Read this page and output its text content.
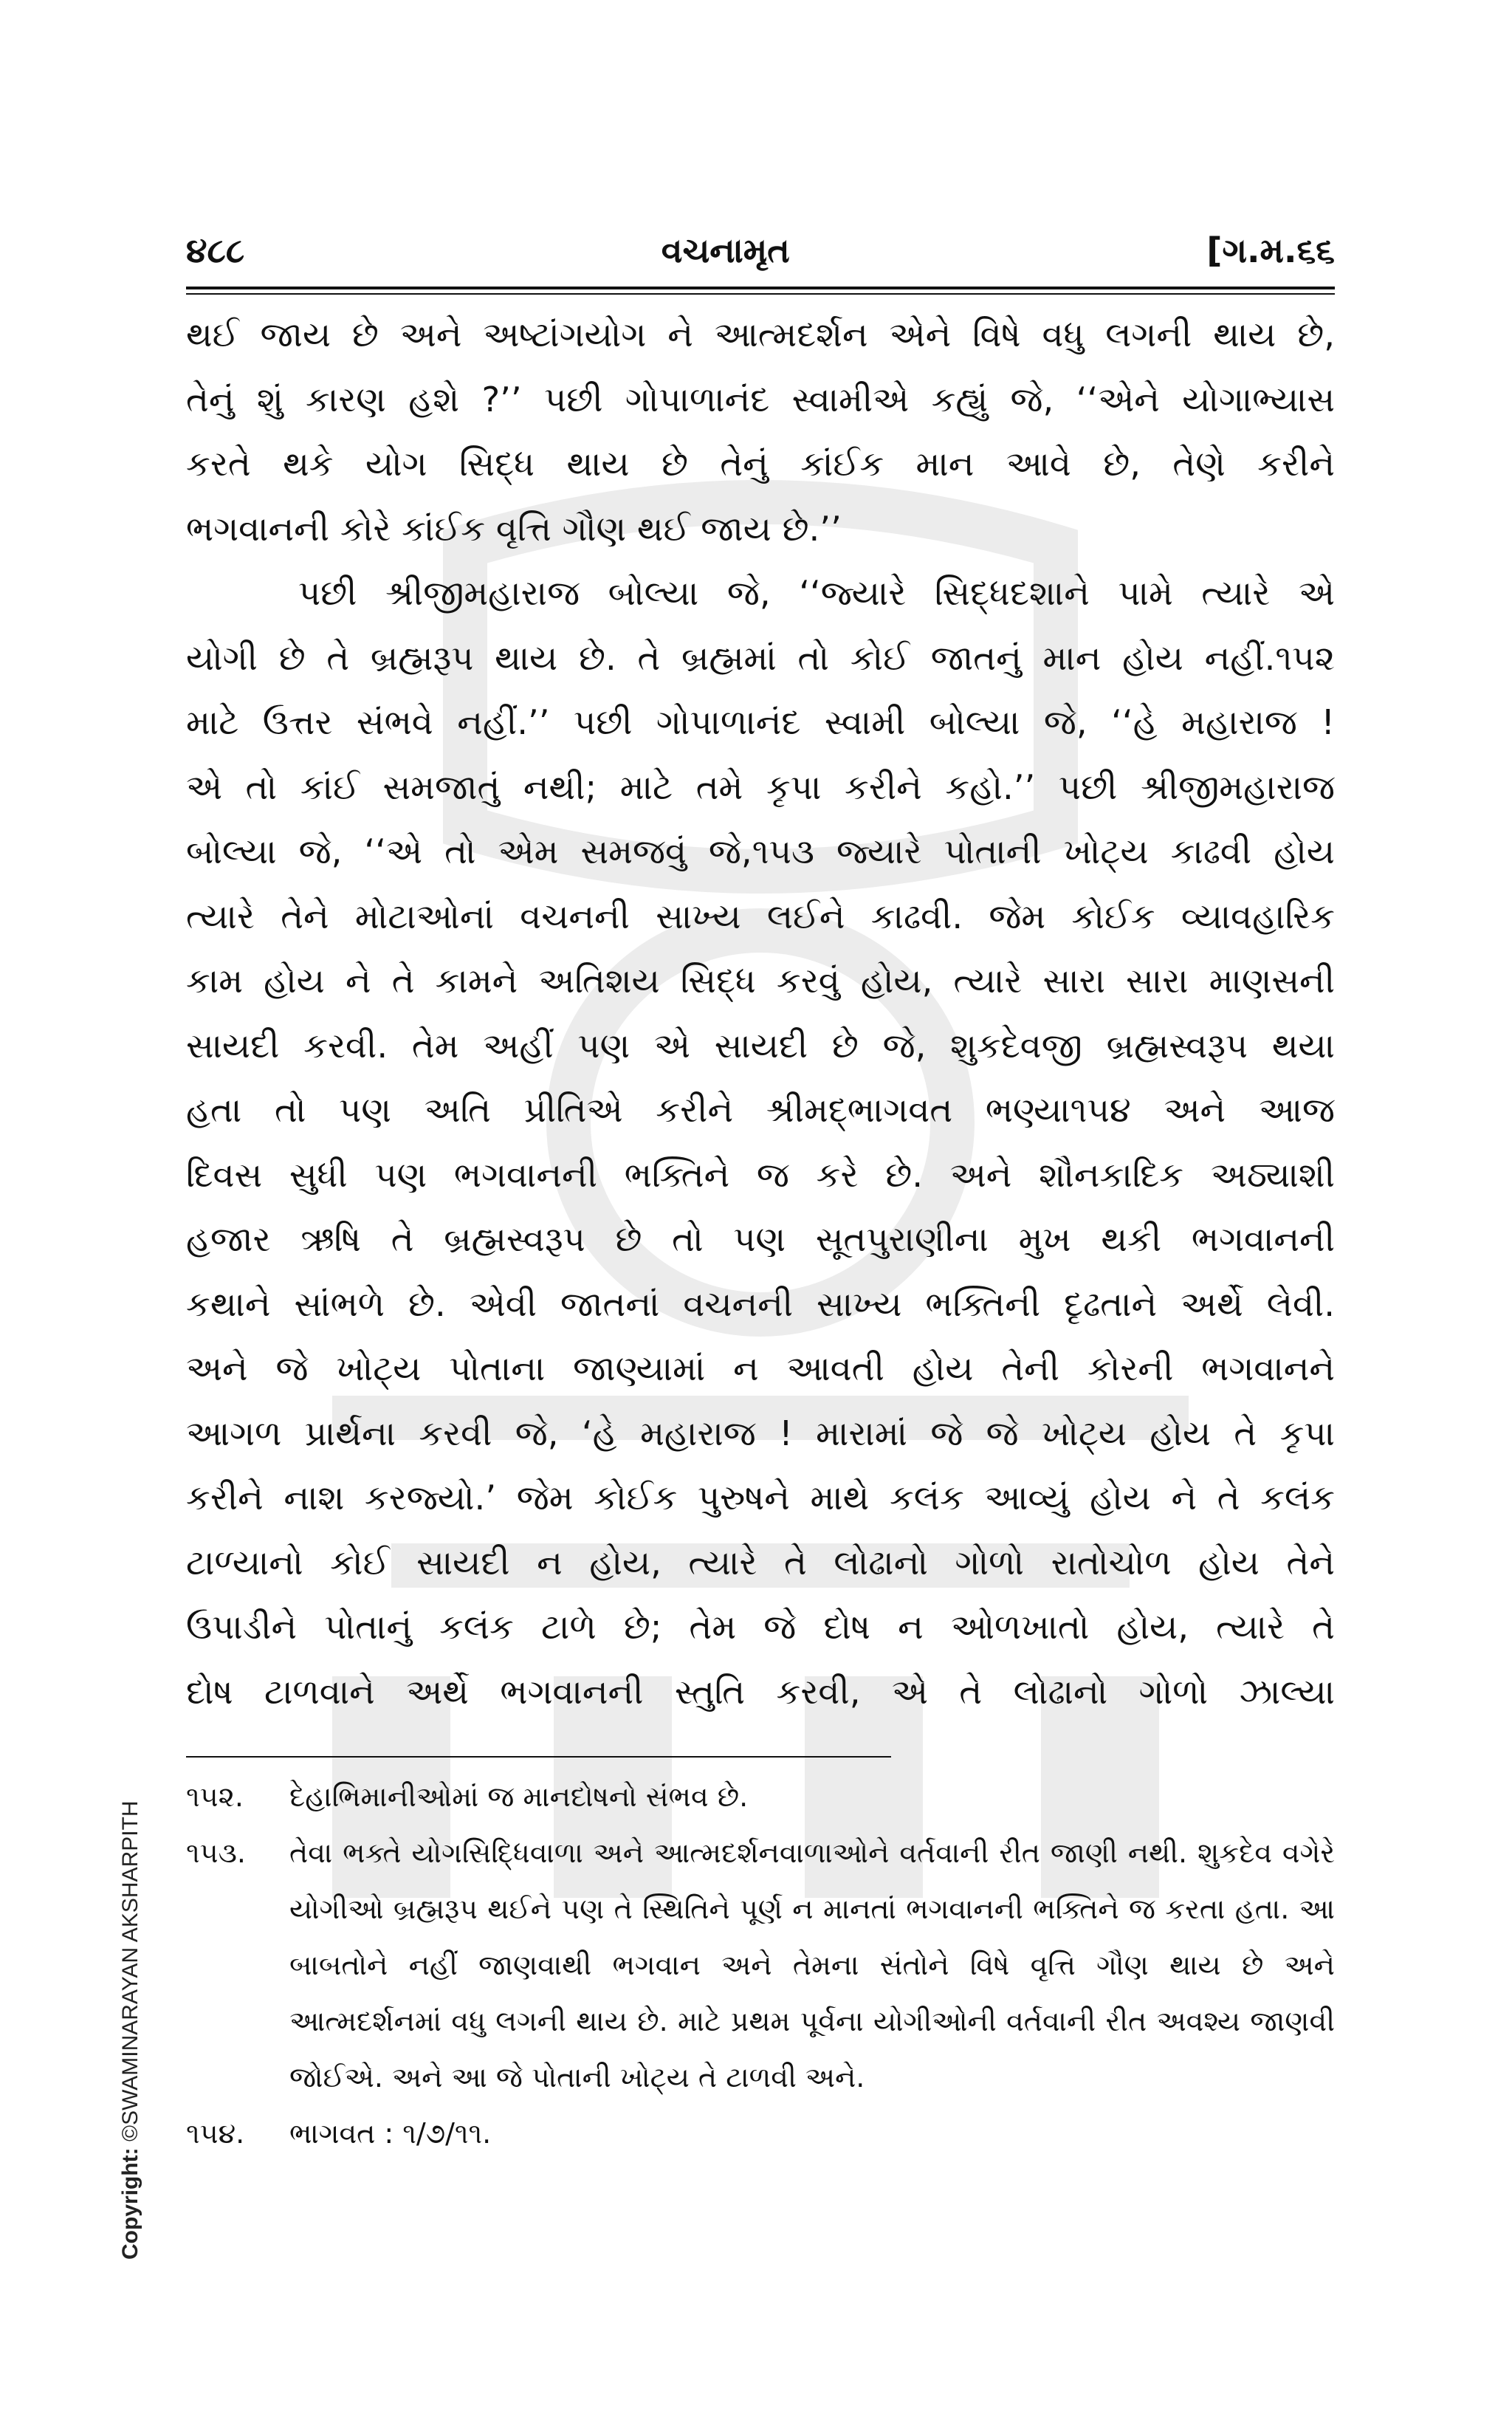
૪૮૮	વચનામૃત	[ગ.મ.૬૬

થઈ જાય છે અને અષ્ટાંગયોગ ને આત્મદર્શન એને વિષે વધુ લગની થાય છે,
તેનું શું કારણ હશે ?’’ પછી ગોપાળાનંદ સ્વામીએ કહ્યું જે, ‘‘એને યોગાભ્યાસ
કરતે થકે યોગ સિદ્ધ થાય છે તેનું કાંઈક માન આવે છે, તેણે કરીને
ભગવાનની કોરે કાંઈક વૃત્તિ ગૌણ થઈ જાય છે.’’

પછી શ્રીજીમહારાજ બોલ્યા જે, ‘‘જ્યારે સિદ્ધદશાને પામે ત્યારે એ
યોગી છે તે બ્રહ્મરૂપ થાય છે. તે બ્રહ્મમાં તો કોઈ જાતનું માન હોય નહીં.૧૫૨
માટે ઉત્તર સંભવે નહીં.’’ પછી ગોપાળાનંદ સ્વામી બોલ્યા જે, ‘‘હે મહારાજ !
એ તો કાંઈ સમજાતું નથી; માટે તમે કૃપા કરીને કહો.’’ પછી શ્રીજીમહારાજ
બોલ્યા જે, ‘‘એ તો એમ સમજવું જે,૧૫૩ જ્યારે પોતાની ખોટ્ય કાઢવી હોય
ત્યારે તેને મોટાઓનાં વચનની સાખ્ય લઈને કાઢવી. જેમ કોઈક વ્યાવહારિક
કામ હોય ને તે કામને અતિશય સિદ્ધ કરવું હોય, ત્યારે સારા સારા માણસની
સાયદી કરવી. તેમ અહીં પણ એ સાયદી છે જે, શુકદેવજી બ્રહ્મસ્વરૂપ થયા
હતા તો પણ અતિ પ્રીતિએ કરીને શ્રીમદ્ભાગવત ભણ્યા૧૫૪ અને આજ
દિવસ સુધી પણ ભગવાનની ભક્તિને જ કરે છે. અને શૌનકાદિક અઠ્યાશી
હજાર ઋષિ તે બ્રહ્મસ્વરૂપ છે તો પણ સૂતપુરાણીના મુખ થકી ભગવાનની
કથાને સાંભળે છે. એવી જાતનાં વચનની સાખ્ય ભક્તિની દૃઢતાને અર્થે લેવી.
અને જે ખોટ્ય પોતાના જાણ્યામાં ન આવતી હોય તેની કોરની ભગવાનને
આગળ પ્રાર્થના કરવી જે, ‘હે મહારાજ ! મારામાં જે જે ખોટ્ય હોય તે કૃપા
કરીને નાશ કરજ્યો.’ જેમ કોઈક પુરુષને માથે કલંક આવ્યું હોય ને તે કલંક
ટાળ્યાનો કોઈ સાયદી ન હોય, ત્યારે તે લોઢાનો ગોળો રાતોચોળ હોય તેને
ઉપાડીને પોતાનું કલંક ટાળે છે; તેમ જે દોષ ન ઓળખાતો હોય, ત્યારે તે
દોષ ટાળવાને અર્થે ભગવાનની સ્તુતિ કરવી, એ તે લોઢાનો ગોળો ઝાલ્યા

૧૫૨.	દેહાભિમાનીઓમાં જ માનદોષનો સંભવ છે.
૧૫૩.	તેવા ભક્તે યોગસિદ્ધિવાળા અને આત્મદર્શનવાળાઓને વર્તવાની રીત જાણી નથી. શુકદેવ વગેરે યોગીઓ બ્રહ્મરૂપ થઈને પણ તે સ્થિતિને પૂર્ણ ન માનતાં ભગવાનની ભક્તિને જ કરતા હતા. આ બાબતોને નહીં જાણવાથી ભગવાન અને તેમના સંતોને વિષે વૃત્તિ ગૌણ થાય છે અને આત્મદર્શનમાં વધુ લગની થાય છે. માટે પ્રથમ પૂર્વના યોગીઓની વર્તવાની રીત અવશ્ય જાણવી જોઈએ. અને આ જે પોતાની ખોટ્ય તે ટાળવી અને.
૧૫૪.	ભાગવત : ૧/૭/૧૧.
Copyright: ©SWAMINARAYAN AKSHARPITH
